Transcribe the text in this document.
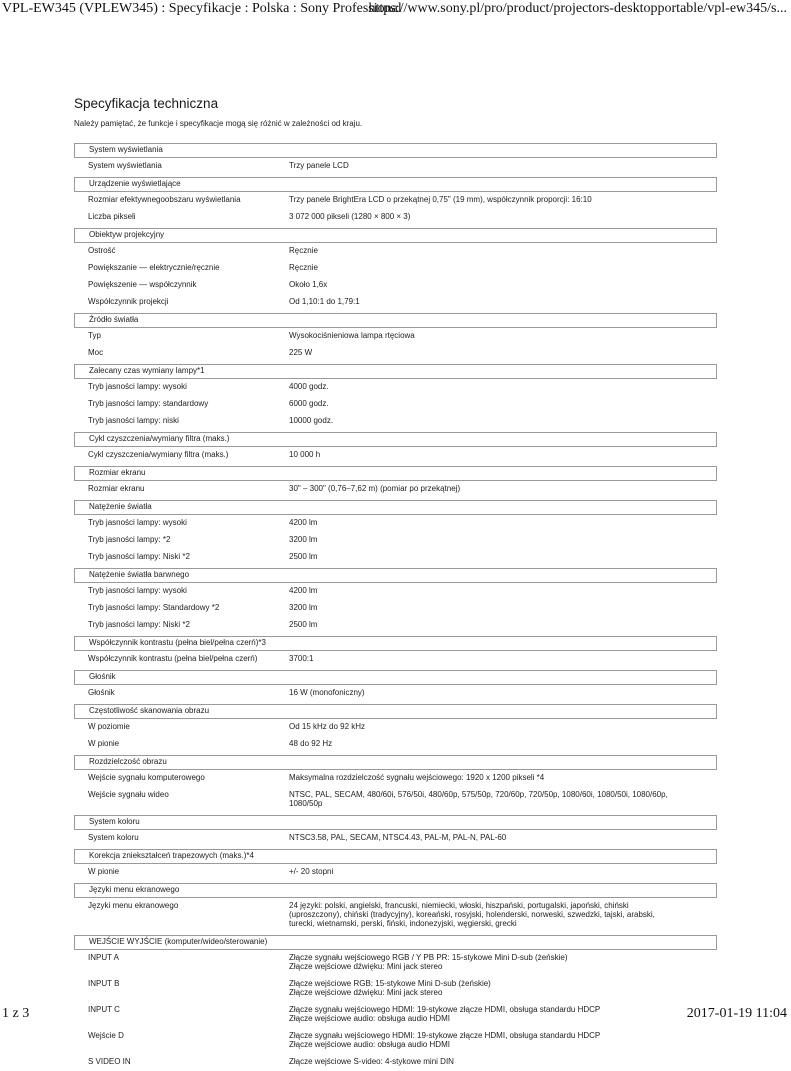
VPL-EW345 (VPLEW345) : Specyfikacje : Polska : Sony Professional
https://www.sony.pl/pro/product/projectors-desktopportable/vpl-ew345/s...
Specyfikacja techniczna
Należy pamiętać, że funkcje i specyfikacje mogą się różnić w zależności od kraju.
System wyświetlania
System wyświetlania	Trzy panele LCD
Urządzenie wyświetlające
Rozmiar efektywnegoobszaru wyświetlania	Trzy panele BrightEra LCD o przekątnej 0,75" (19 mm), współczynnik proporcji: 16:10
Liczba pikseli	3 072 000 pikseli (1280 × 800 × 3)
Obiektyw projekcyjny
Ostrość	Ręcznie
Powiększanie — elektrycznie/ręcznie	Ręcznie
Powiększenie — współczynnik	Około 1,6x
Współczynnik projekcji	Od 1,10:1 do 1,79:1
Źródło światła
Typ	Wysokociśnieniowa lampa rtęciowa
Moc	225 W
Zalecany czas wymiany lampy*1
Tryb jasności lampy: wysoki	4000 godz.
Tryb jasności lampy: standardowy	6000 godz.
Tryb jasności lampy: niski	10000 godz.
Cykl czyszczenia/wymiany filtra (maks.)
Cykl czyszczenia/wymiany filtra (maks.)	10 000 h
Rozmiar ekranu
Rozmiar ekranu	30" – 300" (0,76–7,62 m) (pomiar po przekątnej)
Natężenie światła
Tryb jasności lampy: wysoki	4200 lm
Tryb jasności lampy: *2	3200 lm
Tryb jasności lampy: Niski *2	2500 lm
Natężenie światła barwnego
Tryb jasności lampy: wysoki	4200 lm
Tryb jasności lampy: Standardowy *2	3200 lm
Tryb jasności lampy: Niski *2	2500 lm
Współczynnik kontrastu (pełna biel/pełna czerń)*3
Współczynnik kontrastu (pełna biel/pełna czerń)	3700:1
Głośnik
Głośnik	16 W (monofoniczny)
Częstotliwość skanowania obrazu
W poziomie	Od 15 kHz do 92 kHz
W pionie	48 do 92 Hz
Rozdzielczość obrazu
Wejście sygnału komputerowego	Maksymalna rozdzielczość sygnału wejściowego: 1920 x 1200 pikseli *4
Wejście sygnału wideo	NTSC, PAL, SECAM, 480/60i, 576/50i, 480/60p, 575/50p, 720/60p, 720/50p, 1080/60i, 1080/50i, 1080/60p,
1080/50p
System koloru
System koloru	NTSC3.58, PAL, SECAM, NTSC4.43, PAL-M, PAL-N, PAL-60
Korekcja zniekształceń trapezowych (maks.)*4
W pionie	+/- 20 stopni
Języki menu ekranowego
Języki menu ekranowego	24 języki: polski, angielski, francuski, niemiecki, włoski, hiszpański, portugalski, japoński, chiński
(uproszczony), chiński (tradycyjny), koreański, rosyjski, holenderski, norweski, szwedzki, tajski, arabski,
turecki, wietnamski, perski, fiński, indonezyjski, węgierski, grecki
WEJŚCIE WYJŚCIE (komputer/wideo/sterowanie)
INPUT A	Złącze sygnału wejściowego RGB / Y PB PR: 15-stykowe Mini D-sub (żeńskie)
Złącze wejściowe dźwięku: Mini jack stereo
INPUT B	Złącze wejściowe RGB: 15-stykowe Mini D-sub (żeńskie)
Złącze wejściowe dźwięku: Mini jack stereo
INPUT C	Złącze sygnału wejściowego HDMI: 19-stykowe złącze HDMI, obsługa standardu HDCP
Złącze wejściowe audio: obsługa audio HDMI
Wejście D	Złącze sygnału wejściowego HDMI: 19-stykowe złącze HDMI, obsługa standardu HDCP
Złącze wejściowe audio: obsługa audio HDMI
S VIDEO IN	Złącze wejściowe S-video: 4-stykowe mini DIN
1 z 3	2017-01-19 11:04
